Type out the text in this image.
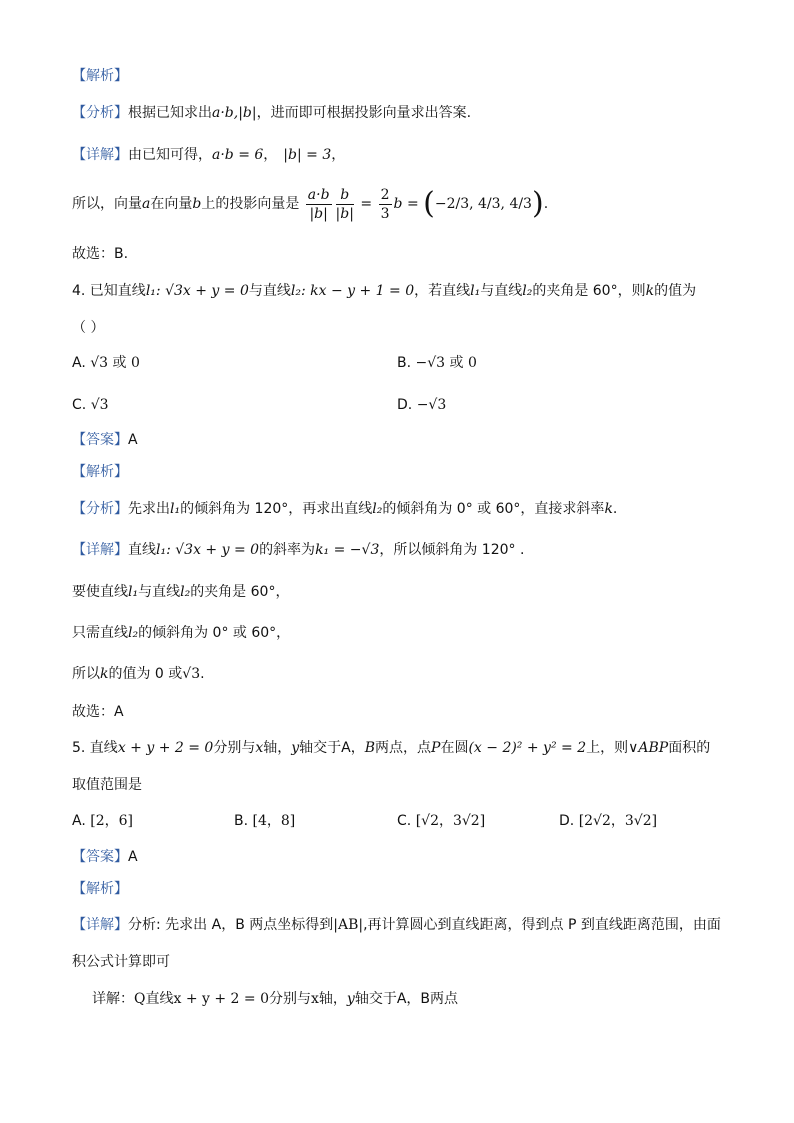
【解析】
【分析】根据已知求出a·b,|b|，进而即可根据投影向量求出答案.
【详解】由已知可得，a·b = 6， |b| = 3，
所以，向量a在向量b上的投影向量是 $\frac{a\cdot b}{|b|} \frac{b}{|b|} = \frac{2}{3}$ b = (−2/3, 4/3, 4/3).
故选：B.
4. 已知直线l₁: √3x + y = 0与直线l₂: kx − y + 1 = 0，若直线l₁与直线l₂的夹角是 60°，则k的值为
（ ）
A. √3 或 0	B. −√3 或 0
C. √3	D. −√3
【答案】A
【解析】
【分析】先求出l₁的倾斜角为 120°，再求出直线l₂的倾斜角为 0° 或 60°，直接求斜率k.
【详解】直线l₁: √3x + y = 0的斜率为k₁ = −√3，所以倾斜角为 120° .
要使直线l₁与直线l₂的夹角是 60°，
只需直线l₂的倾斜角为 0° 或 60°，
所以k的值为 0 或√3.
故选：A
5. 直线x + y + 2 = 0分别与x轴，y轴交于A，B两点，点P在圆(x − 2)² + y² = 2上，则∨ABP面积的
取值范围是
A. [2，6]	B. [4，8]	C. [√2，3√2]	D. [2√2，3√2]
【答案】A
【解析】
【详解】分析: 先求出 A，B 两点坐标得到|AB|,再计算圆心到直线距离，得到点 P 到直线距离范围，由面
积公式计算即可
详解：Q直线x + y + 2 = 0分别与x轴，y轴交于A，B两点
